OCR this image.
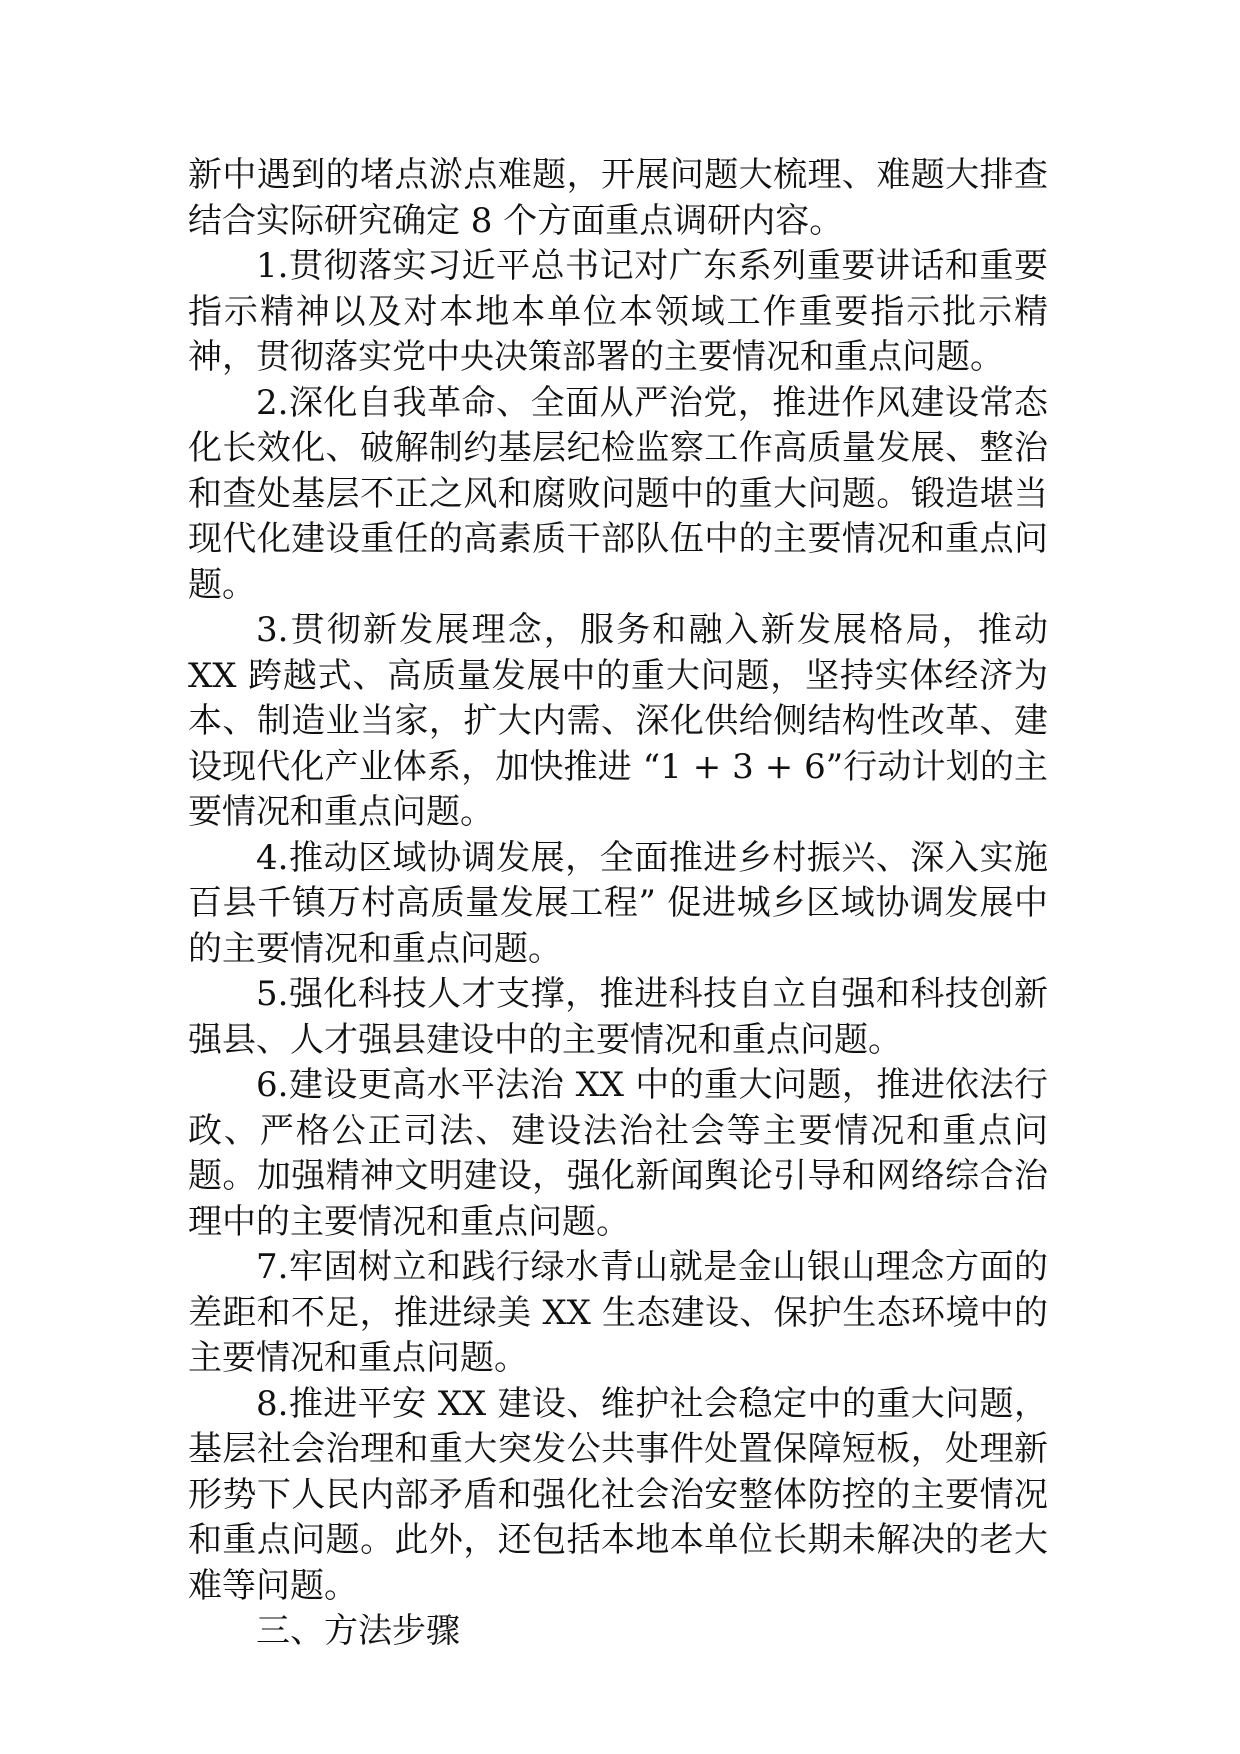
新中遇到的堵点淤点难题，开展问题大梳理、难题大排查结合实际研究确定 8 个方面重点调研内容。

1.贯彻落实习近平总书记对广东系列重要讲话和重要指示精神以及对本地本单位本领域工作重要指示批示精神，贯彻落实党中央决策部署的主要情况和重点问题。

2.深化自我革命、全面从严治党，推进作风建设常态化长效化、破解制约基层纪检监察工作高质量发展、整治和查处基层不正之风和腐败问题中的重大问题。锻造堪当现代化建设重任的高素质干部队伍中的主要情况和重点问题。

3.贯彻新发展理念，服务和融入新发展格局，推动 XX 跨越式、高质量发展中的重大问题，坚持实体经济为本、制造业当家，扩大内需、深化供给侧结构性改革、建设现代化产业体系，加快推进 “1 + 3 + 6”行动计划的主要情况和重点问题。

4.推动区域协调发展，全面推进乡村振兴、深入实施百县千镇万村高质量发展工程” 促进城乡区域协调发展中的主要情况和重点问题。

5.强化科技人才支撑，推进科技自立自强和科技创新强县、人才强县建设中的主要情况和重点问题。

6.建设更高水平法治 XX 中的重大问题，推进依法行政、严格公正司法、建设法治社会等主要情况和重点问题。加强精神文明建设，强化新闻舆论引导和网络综合治理中的主要情况和重点问题。

7.牢固树立和践行绿水青山就是金山银山理念方面的差距和不足，推进绿美 XX 生态建设、保护生态环境中的主要情况和重点问题。

8.推进平安 XX 建设、维护社会稳定中的重大问题，基层社会治理和重大突发公共事件处置保障短板，处理新形势下人民内部矛盾和强化社会治安整体防控的主要情况和重点问题。此外，还包括本地本单位长期未解决的老大难等问题。

三、方法步骤
